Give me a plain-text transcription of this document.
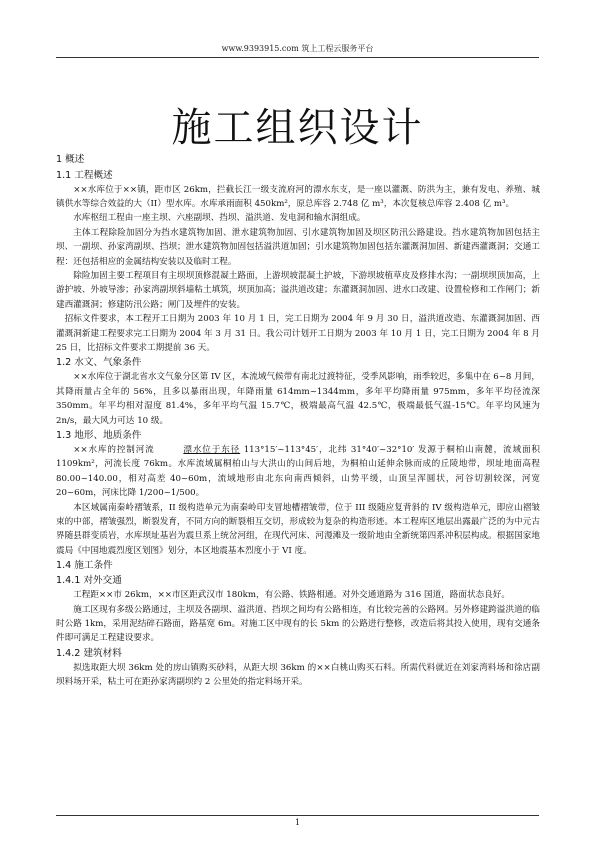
www.9393915.com 筑上工程云服务平台
施工组织设计

1 概述

1.1 工程概述

××水库位于××镇，距市区 26km，拦截长江一级支流府河的漂水东支，是一座以灌溉、防洪为主，兼有发电、养殖、城镇供水等综合效益的大（II）型水库。水库承雨面积 450km²，原总库容 2.748 亿 m³，本次复核总库容 2.408 亿 m³。

水库枢纽工程由一座主坝、六座副坝、挡坝、溢洪道、发电洞和输水洞组成。

主体工程除险加固分为挡水建筑物加固、泄水建筑物加固、引水建筑物加固及坝区防汛公路建设。挡水建筑物加固包括主坝、一副坝、孙家湾副坝、挡坝；泄水建筑物加固包括溢洪道加固；引水建筑物加固包括东灌溉洞加固、新建西灌溉洞；交通工程：还包括相应的金属结构安装以及临时工程。

除险加固主要工程项目有主坝坝顶修混凝土路面，上游坝坡混凝土护坡，下游坝坡植草皮及修排水沟；一副坝坝顶加高，上游护坡、外坡导渗；孙家湾副坝斜墙粘土填筑，坝顶加高；溢洪道改建；东灌溉洞加固、进水口改建、设置检修和工作闸门；新建西灌溉洞；修建防汛公路；闸门及埋件的安装。

招标文件要求，本工程开工日期为 2003 年 10 月 1 日，完工日期为 2004 年 9 月 30 日，溢洪道改造、东灌溉洞加固、西灌溉洞新建工程要求完工日期为 2004 年 3 月 31 日。我公司计划开工日期为 2003 年 10 月 1 日，完工日期为 2004 年 8 月 25 日，比招标文件要求工期提前 36 天。

1.2 水文、气象条件

××水库位于湖北省水文气象分区第 IV 区，本流域气候带有南北过渡特征，受季风影响，雨季较迟，多集中在 6~8 月间，其降雨量占全年的 56%，且多以暴雨出现，年降雨量 614mm~1344mm，多年平均降雨量 975mm，多年平均径流深 350mm。年平均相对湿度 81.4%，多年平均气温 15.7℃，极端最高气温 42.5℃，极端最低气温-15℃。年平均风速为 2n/s，最大风力可达 10 级。

1.3 地形、地质条件

××水库的控制河流	漂水位于东径 113°15′~113°45′，北纬 31°40′~32°10′ 发源于桐柏山南麓，流域面积 1109km²，河流长度 76km。水库流域属桐柏山与大洪山的山间后地，为桐柏山延伸余脉而成的丘陵地带，坝址地面高程 80.00~140.00，相对高差 40~60m，流域地形由北东向南西倾斜，山势平缓，山顶呈浑圆状，河谷切割较深，河宽 20~60m，河床比降 1/200~1/500。

本区域属南秦岭褶皱系，II 级构造单元为南秦岭印支冒地槽褶皱带，位于 III 级随应复背斜的 IV 级构造单元，即应山褶皱束的中部，褶皱强烈，断裂发育，不同方向的断裂相互交切，形成较为复杂的构造形迹。本工程库区地层出露最广泛的为中元古界随县群变质岩，水库坝址基岩为震旦系上统岔河组，在现代河床、河漫滩及一级阶地由全新统第四系冲积层构成。根据国家地震局《中国地震烈度区划图》划分，本区地震基本烈度小于 VI 度。

1.4 施工条件

1.4.1 对外交通

工程距××市 26km，××市区距武汉市 180km，有公路、铁路相通。对外交通道路为 316 国道，路面状态良好。

施工区现有多级公路通过，主坝及各副坝、溢洪道、挡坝之间均有公路相连，有比较完善的公路网。另外修建跨溢洪道的临时公路 1km，采用泥结碎石路面，路基宽 6m。对施工区中现有的长 5km 的公路进行整修，改造后将其投入使用，现有交通条件即可满足工程建设要求。

1.4.2 建筑材料

拟选取距大坝 36km 处的房山镇购买砂料，从距大坝 36km 的××白桃山购买石料。所需代料就近在刘家湾料场和徐店副坝料场开采，粘土可在距孙家湾副坝约 2 公里处的指定料场开采。

1
